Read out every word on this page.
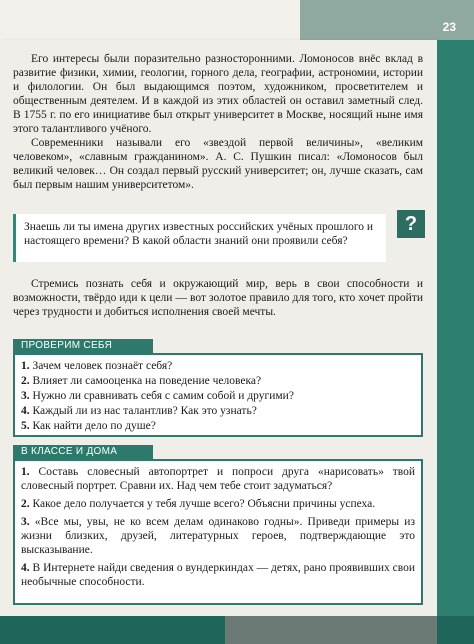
23

Его интересы были поразительно разносторонними. Ломоносов внёс вклад в развитие физики, химии, геологии, горного дела, географии, астрономии, истории и филологии. Он был выдающимся поэтом, художником, просветителем и общественным деятелем. И в каждой из этих областей он оставил заметный след. В 1755 г. по его инициативе был открыт университет в Москве, носящий ныне имя этого талантливого учёного.

Современники называли его «звездой первой величины», «великим человеком», «славным гражданином». А. С. Пушкин писал: «Ломоносов был великий человек… Он создал первый русский университет; он, лучше сказать, сам был первым нашим университетом».

Знаешь ли ты имена других известных российских учёных прошлого и настоящего времени? В какой области знаний они проявили себя?
?

Стремись познать себя и окружающий мир, верь в свои способности и возможности, твёрдо иди к цели — вот золотое правило для того, кто хочет пройти через трудности и добиться исполнения своей мечты.

ПРОВЕРИМ СЕБЯ
1. Зачем человек познаёт себя?
2. Влияет ли самооценка на поведение человека?
3. Нужно ли сравнивать себя с самим собой и другими?
4. Каждый ли из нас талантлив? Как это узнать?
5. Как найти дело по душе?
В КЛАССЕ И ДОМА
1. Составь словесный автопортрет и попроси друга «нарисовать» твой словесный портрет. Сравни их. Над чем тебе стоит задуматься?
2. Какое дело получается у тебя лучше всего? Объясни причины успеха.
3. «Все мы, увы, не ко всем делам одинаково годны». Приведи примеры из жизни близких, друзей, литературных героев, подтверждающие это высказывание.
4. В Интернете найди сведения о вундеркиндах — детях, рано проявивших свои необычные способности.
